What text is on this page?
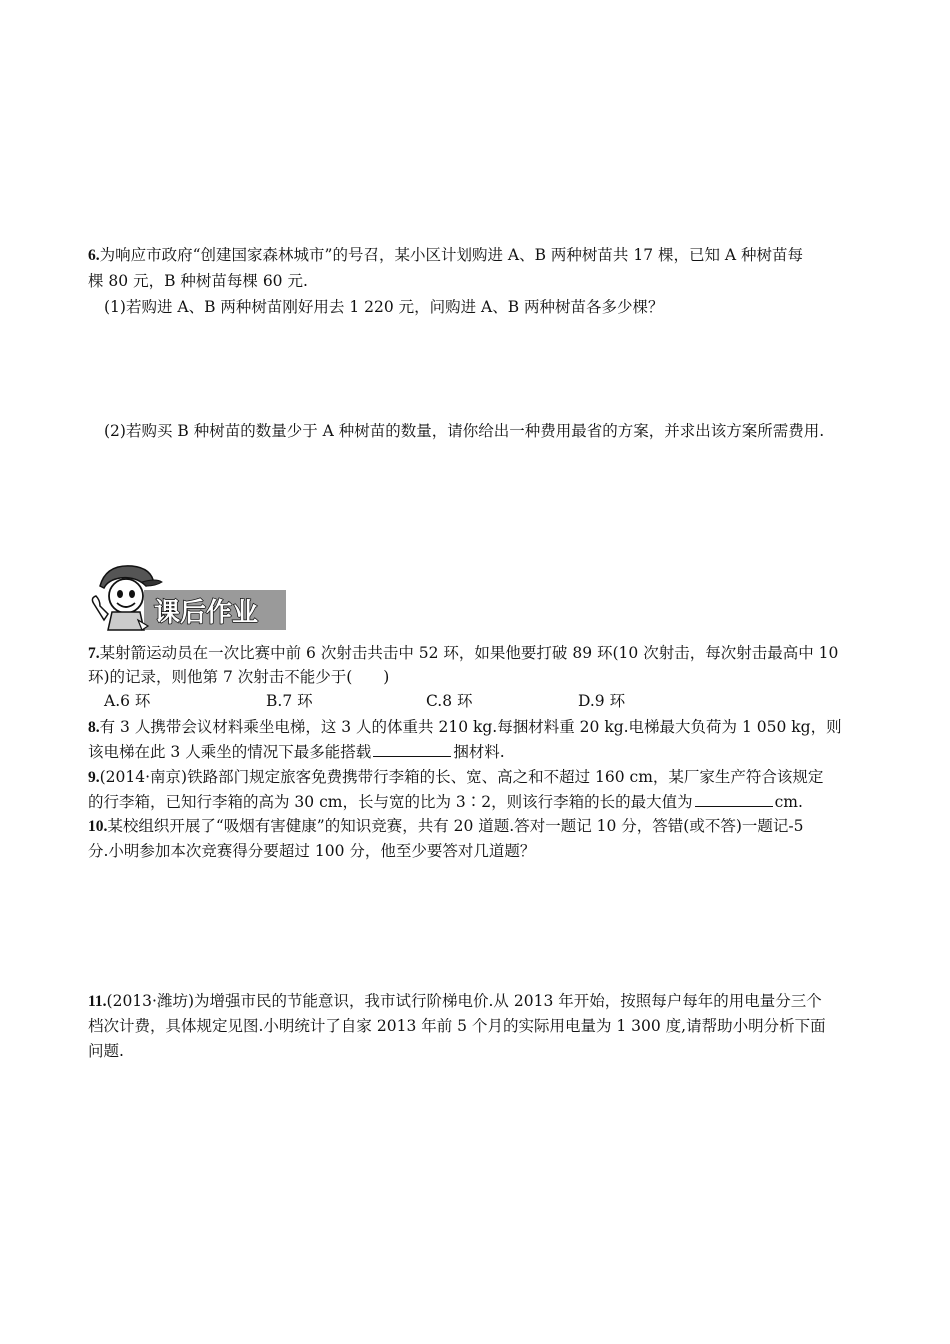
6.为响应市政府“创建国家森林城市”的号召，某小区计划购进 A、B 两种树苗共 17 棵，已知 A 种树苗每
棵 80 元，B 种树苗每棵 60 元.
(1)若购进 A、B 两种树苗刚好用去 1 220 元，问购进 A、B 两种树苗各多少棵？
(2)若购买 B 种树苗的数量少于 A 种树苗的数量，请你给出一种费用最省的方案，并求出该方案所需费用.
课后作业
7.某射箭运动员在一次比赛中前 6 次射击共击中 52 环，如果他要打破 89 环(10 次射击，每次射击最高中 10
环)的记录，则他第 7 次射击不能少于(　　)
A.6 环	B.7 环	C.8 环	D.9 环
8.有 3 人携带会议材料乘坐电梯，这 3 人的体重共 210 kg.每捆材料重 20 kg.电梯最大负荷为 1 050 kg，则
该电梯在此 3 人乘坐的情况下最多能搭载	捆材料.
9.(2014·南京)铁路部门规定旅客免费携带行李箱的长、宽、高之和不超过 160 cm，某厂家生产符合该规定
的行李箱，已知行李箱的高为 30 cm，长与宽的比为 3∶2，则该行李箱的长的最大值为	cm.
10.某校组织开展了“吸烟有害健康”的知识竞赛，共有 20 道题.答对一题记 10 分，答错(或不答)一题记-5
分.小明参加本次竞赛得分要超过 100 分，他至少要答对几道题？
11.(2013·潍坊)为增强市民的节能意识，我市试行阶梯电价.从 2013 年开始，按照每户每年的用电量分三个
档次计费，具体规定见图.小明统计了自家 2013 年前 5 个月的实际用电量为 1 300 度,请帮助小明分析下面
问题.
